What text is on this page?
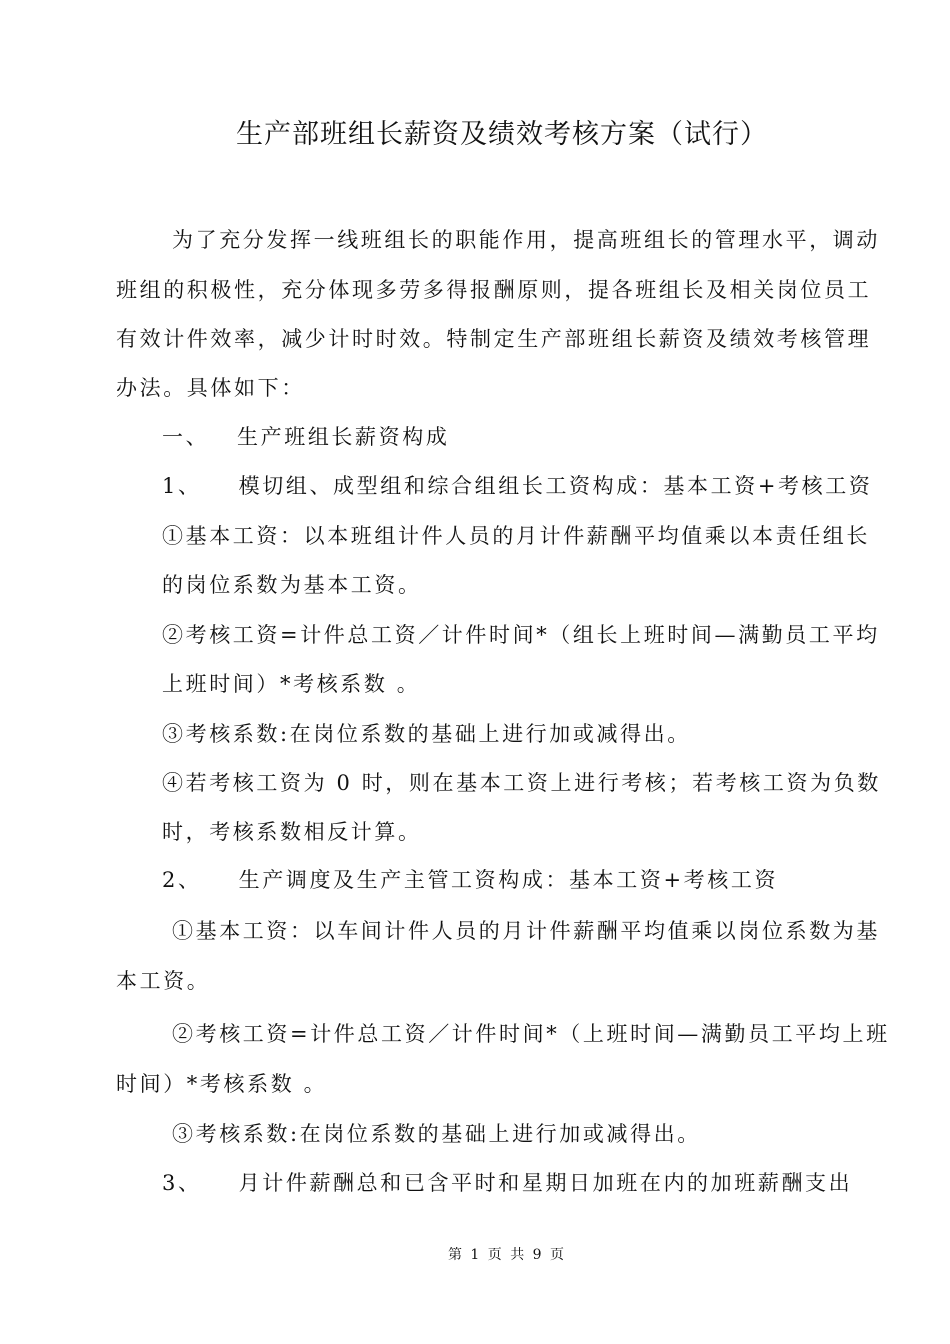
生产部班组长薪资及绩效考核方案（试行）
为了充分发挥一线班组长的职能作用，提高班组长的管理水平，调动
班组的积极性，充分体现多劳多得报酬原则，提各班组长及相关岗位员工
有效计件效率，减少计时时效。特制定生产部班组长薪资及绩效考核管理
办法。具体如下：
一、   生产班组长薪资构成
1、    模切组、成型组和综合组组长工资构成：基本工资+考核工资
①基本工资：以本班组计件人员的月计件薪酬平均值乘以本责任组长
的岗位系数为基本工资。
②考核工资=计件总工资／计件时间*（组长上班时间—满勤员工平均
上班时间）*考核系数 。
③考核系数:在岗位系数的基础上进行加或减得出。
④若考核工资为 0 时，则在基本工资上进行考核；若考核工资为负数
时，考核系数相反计算。
2、    生产调度及生产主管工资构成：基本工资+考核工资
①基本工资：以车间计件人员的月计件薪酬平均值乘以岗位系数为基
本工资。
②考核工资=计件总工资／计件时间*（上班时间—满勤员工平均上班
时间）*考核系数 。
③考核系数:在岗位系数的基础上进行加或减得出。
3、    月计件薪酬总和已含平时和星期日加班在内的加班薪酬支出
第 1 页 共 9 页
